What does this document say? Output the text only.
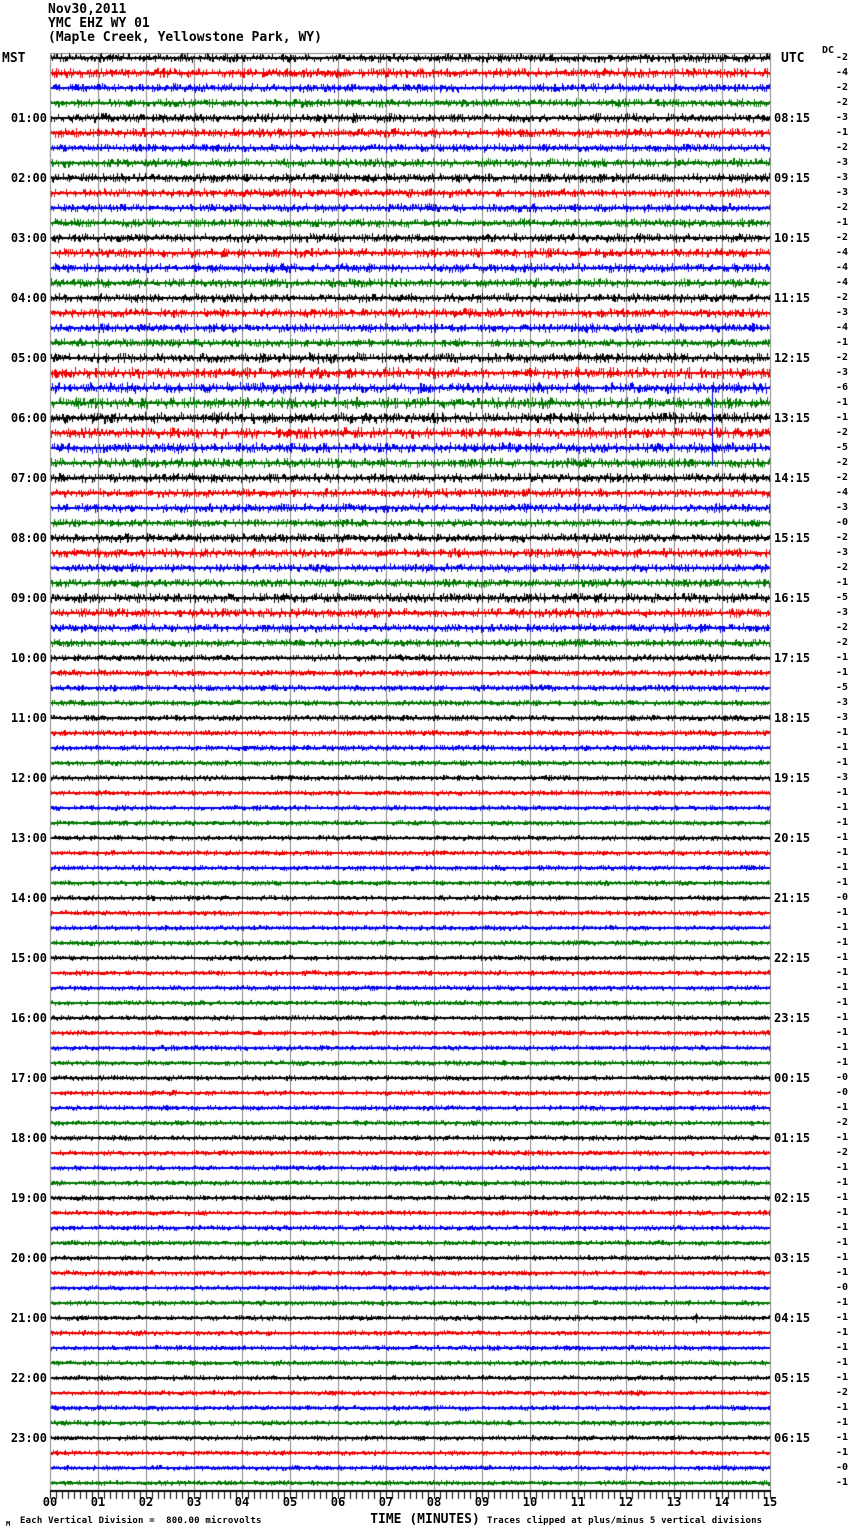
Nov30,2011
YMC EHZ WY 01
(Maple Creek, Yellowstone Park, WY)
MST	UTC
DC
01:00
02:00
03:00
04:00
05:00
06:00
07:00
08:00
09:00
10:00
11:00
12:00
13:00
14:00
15:00
16:00
17:00
18:00
19:00
20:00
21:00
22:00
23:00
08:15
09:15
10:15
11:15
12:15
13:15
14:15
15:15
16:15
17:15
18:15
19:15
20:15
21:15
22:15
23:15
00:15
01:15
02:15
03:15
04:15
05:15
06:15
-2
-4
-2
-2
-3
-1
-2
-3
-3
-3
-2
-1
-2
-4
-4
-4
-2
-3
-4
-1
-2
-3
-6
-1
-1
-2
-5
-2
-2
-4
-3
-0
-2
-3
-2
-1
-5
-3
-2
-2
-1
-1
-5
-3
-3
-1
-1
-1
-3
-1
-1
-1
-1
-1
-1
-1
-0
-1
-1
-1
-1
-1
-1
-1
-1
-1
-1
-1
-0
-0
-1
-2
-1
-2
-1
-1
-1
-1
-1
-1
-1
-1
-0
-1
-1
-1
-1
-1
-1
-2
-1
-1
-1
-1
-0
-1
00	01	02	03	04	05	06	07	08	09	10	11	12	13	14	15
TIME (MINUTES)
M Each Vertical Division =  800.00 microvolts	Traces clipped at plus/minus 5 vertical divisions
